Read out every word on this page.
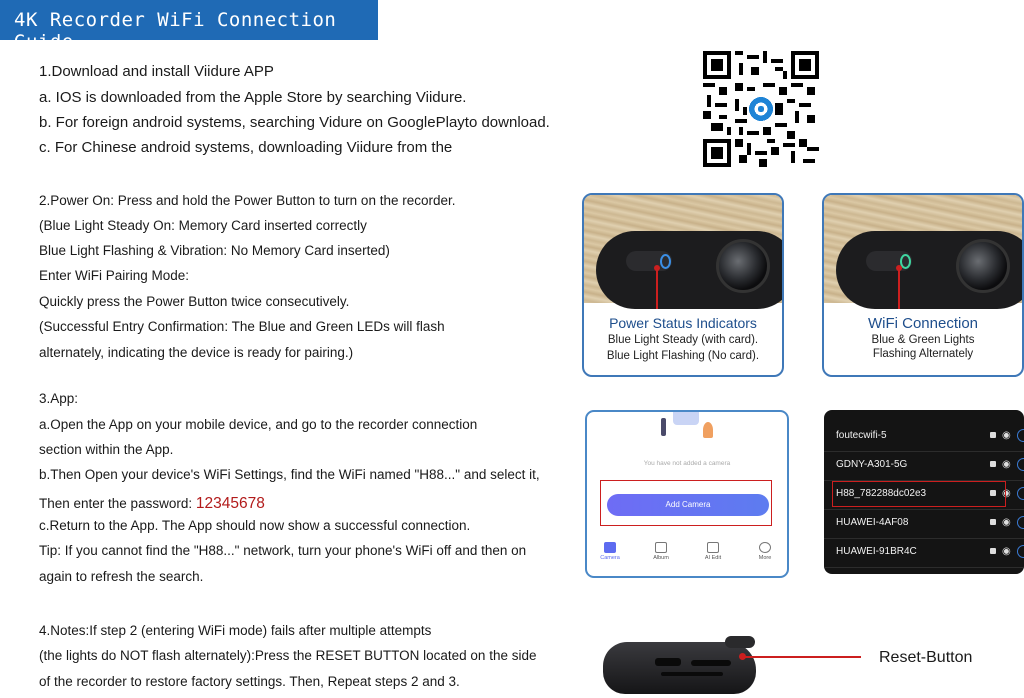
4K Recorder WiFi Connection Guide
1.Download and install Viidure APP
a. IOS is downloaded from the Apple Store by searching Viidure.
b. For foreign android systems, searching Vidure on GooglePlayto download.
c. For Chinese android systems, downloading Viidure from the
2.Power On: Press and hold the Power Button to turn on the recorder.
(Blue Light Steady On: Memory Card inserted correctly
Blue Light Flashing & Vibration: No Memory Card inserted)
Enter WiFi Pairing Mode:
Quickly press the Power Button twice consecutively.
(Successful Entry Confirmation: The Blue and Green LEDs will flash
alternately, indicating the device is ready for pairing.)
Power Status Indicators
Blue Light Steady (with card).
Blue Light Flashing (No card).
WiFi Connection
Blue & Green Lights
Flashing Alternately
3.App:
a.Open the App on your mobile device, and go to the recorder connection
section within the App.
b.Then Open your device's WiFi Settings, find the WiFi named "H88..." and select it,
Then enter the password: 12345678
c.Return to the App. The App should now show a successful connection.
Tip: If you cannot find the "H88..." network, turn your phone's WiFi off and then on
again to refresh the search.
You have not added a camera
Add Camera
Camera	Album	AI Edit	More
foutecwifi-5	◉
GDNY-A301-5G	◉
H88_782288dc02e3	◉
HUAWEI-4AF08	◉
HUAWEI-91BR4C	◉
4.Notes:If step 2 (entering WiFi mode) fails after multiple attempts
(the lights do NOT flash alternately):Press the RESET BUTTON located on the side
of the recorder to restore factory settings. Then, Repeat steps 2 and 3.
Reset-Button
